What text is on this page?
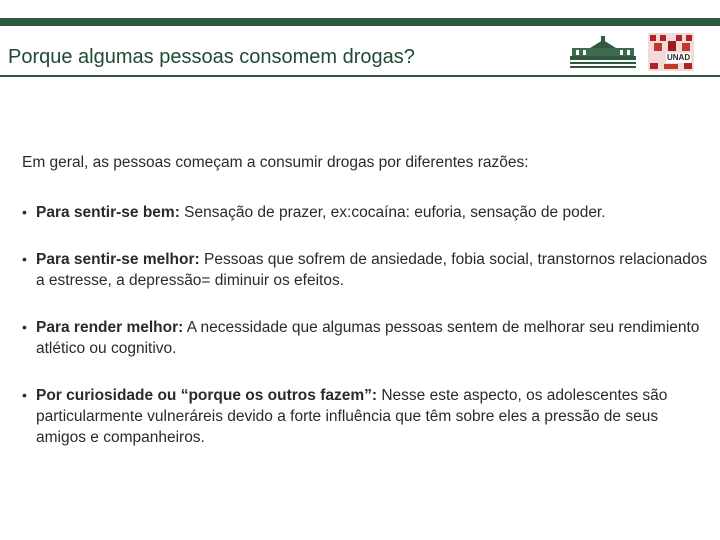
Porque algumas pessoas consomem drogas?	UNAD

Em geral, as pessoas começam a consumir drogas por diferentes razões:

• Para sentir-se bem: Sensação de prazer, ex:cocaína: euforia, sensação de poder.
• Para sentir-se melhor: Pessoas que sofrem de ansiedade, fobia social, transtornos relacionados a estresse, a depressão= diminuir os efeitos.
• Para render melhor: A necessidade que algumas pessoas sentem de melhorar seu rendimiento atlético ou cognitivo.
• Por curiosidade ou “porque os outros fazem”: Nesse este aspecto, os adolescentes são particularmente vulneráreis devido a forte influência que têm sobre eles a pressão de seus amigos e companheiros.
